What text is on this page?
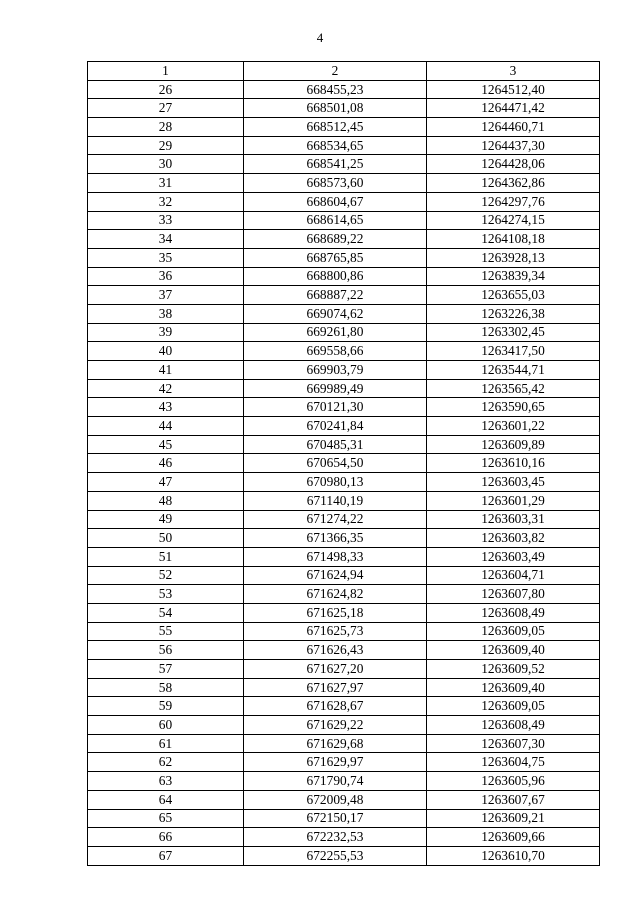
4
1	2	3
26	668455,23	1264512,40
27	668501,08	1264471,42
28	668512,45	1264460,71
29	668534,65	1264437,30
30	668541,25	1264428,06
31	668573,60	1264362,86
32	668604,67	1264297,76
33	668614,65	1264274,15
34	668689,22	1264108,18
35	668765,85	1263928,13
36	668800,86	1263839,34
37	668887,22	1263655,03
38	669074,62	1263226,38
39	669261,80	1263302,45
40	669558,66	1263417,50
41	669903,79	1263544,71
42	669989,49	1263565,42
43	670121,30	1263590,65
44	670241,84	1263601,22
45	670485,31	1263609,89
46	670654,50	1263610,16
47	670980,13	1263603,45
48	671140,19	1263601,29
49	671274,22	1263603,31
50	671366,35	1263603,82
51	671498,33	1263603,49
52	671624,94	1263604,71
53	671624,82	1263607,80
54	671625,18	1263608,49
55	671625,73	1263609,05
56	671626,43	1263609,40
57	671627,20	1263609,52
58	671627,97	1263609,40
59	671628,67	1263609,05
60	671629,22	1263608,49
61	671629,68	1263607,30
62	671629,97	1263604,75
63	671790,74	1263605,96
64	672009,48	1263607,67
65	672150,17	1263609,21
66	672232,53	1263609,66
67	672255,53	1263610,70
